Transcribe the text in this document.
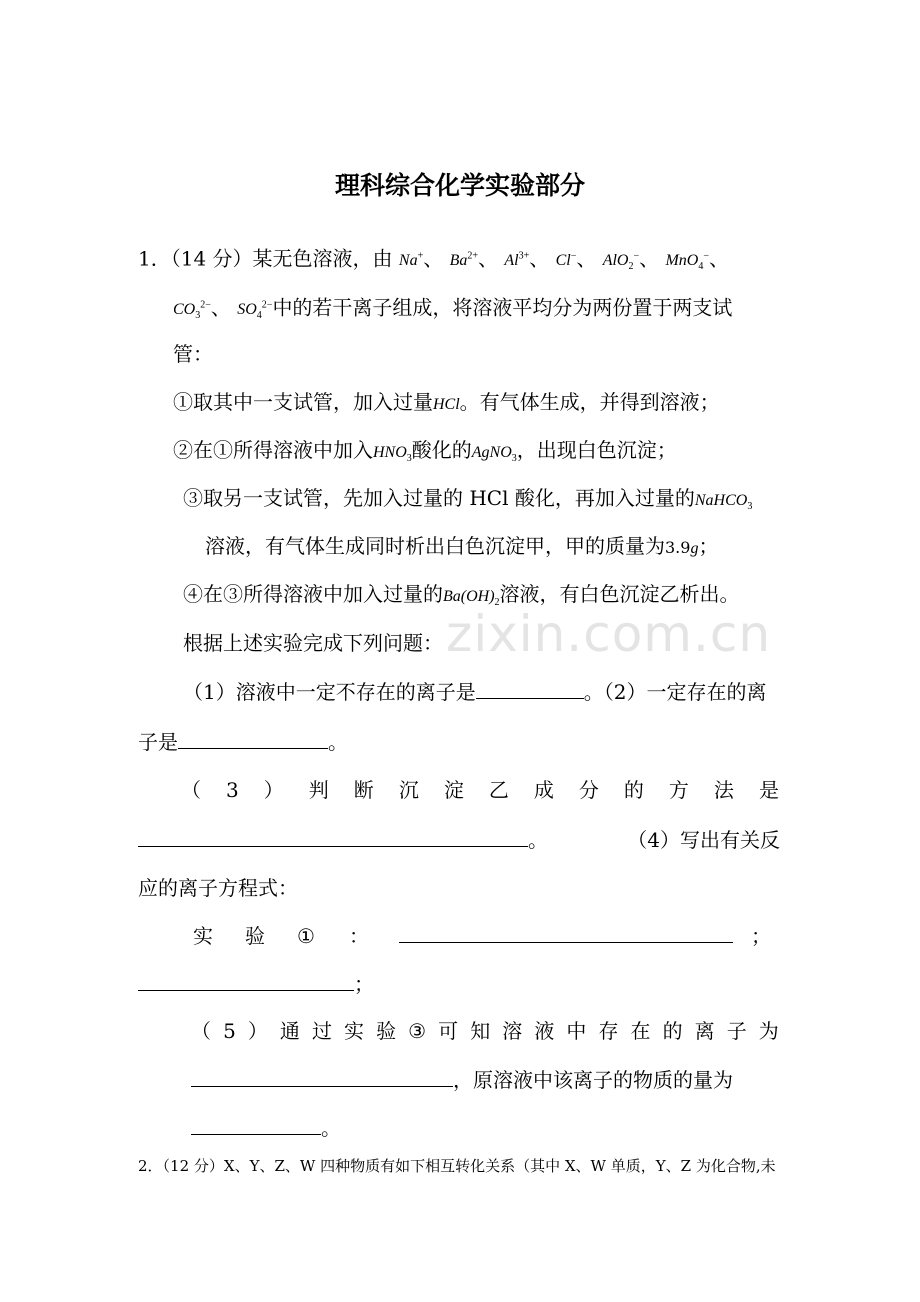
理科综合化学实验部分
1．（14 分）某无色溶液，由 Na+、 $Ba^{2+}$、 $Al^{3+}$、 Cl−、 AlO$_2$−、 MnO$_4$−、
$CO_3^{2-}$、 $SO_4^{2-}$中的若干离子组成，将溶液平均分为两份置于两支试
管：
①取其中一支试管，加入过量HCl。有气体生成，并得到溶液；
②在①所得溶液中加入$HNO_3$酸化的AgNO$_3$，出现白色沉淀；
③取另一支试管，先加入过量的 HCl 酸化，再加入过量的NaHCO$_3$
溶液，有气体生成同时析出白色沉淀甲，甲的质量为3.9g；
④在③所得溶液中加入过量的$Ba(OH)_2$溶液，有白色沉淀乙析出。
zixin.com.cn
根据上述实验完成下列问题：
（1）溶液中一定不存在的离子是	。（2）一定存在的离
子是	。
（ 3 ） 判 断 沉 淀 乙 成 分 的 方 法 是
。	（4）写出有关反
应的离子方程式：
实 验 ① ：	；
；
（ 5 ） 通 过 实 验 ③ 可 知 溶 液 中 存 在 的 离 子 为
，原溶液中该离子的物质的量为
。
2．（12 分）X、Y、Z、W 四种物质有如下相互转化关系（其中 X、W 单质，Y、Z 为化合物,未
